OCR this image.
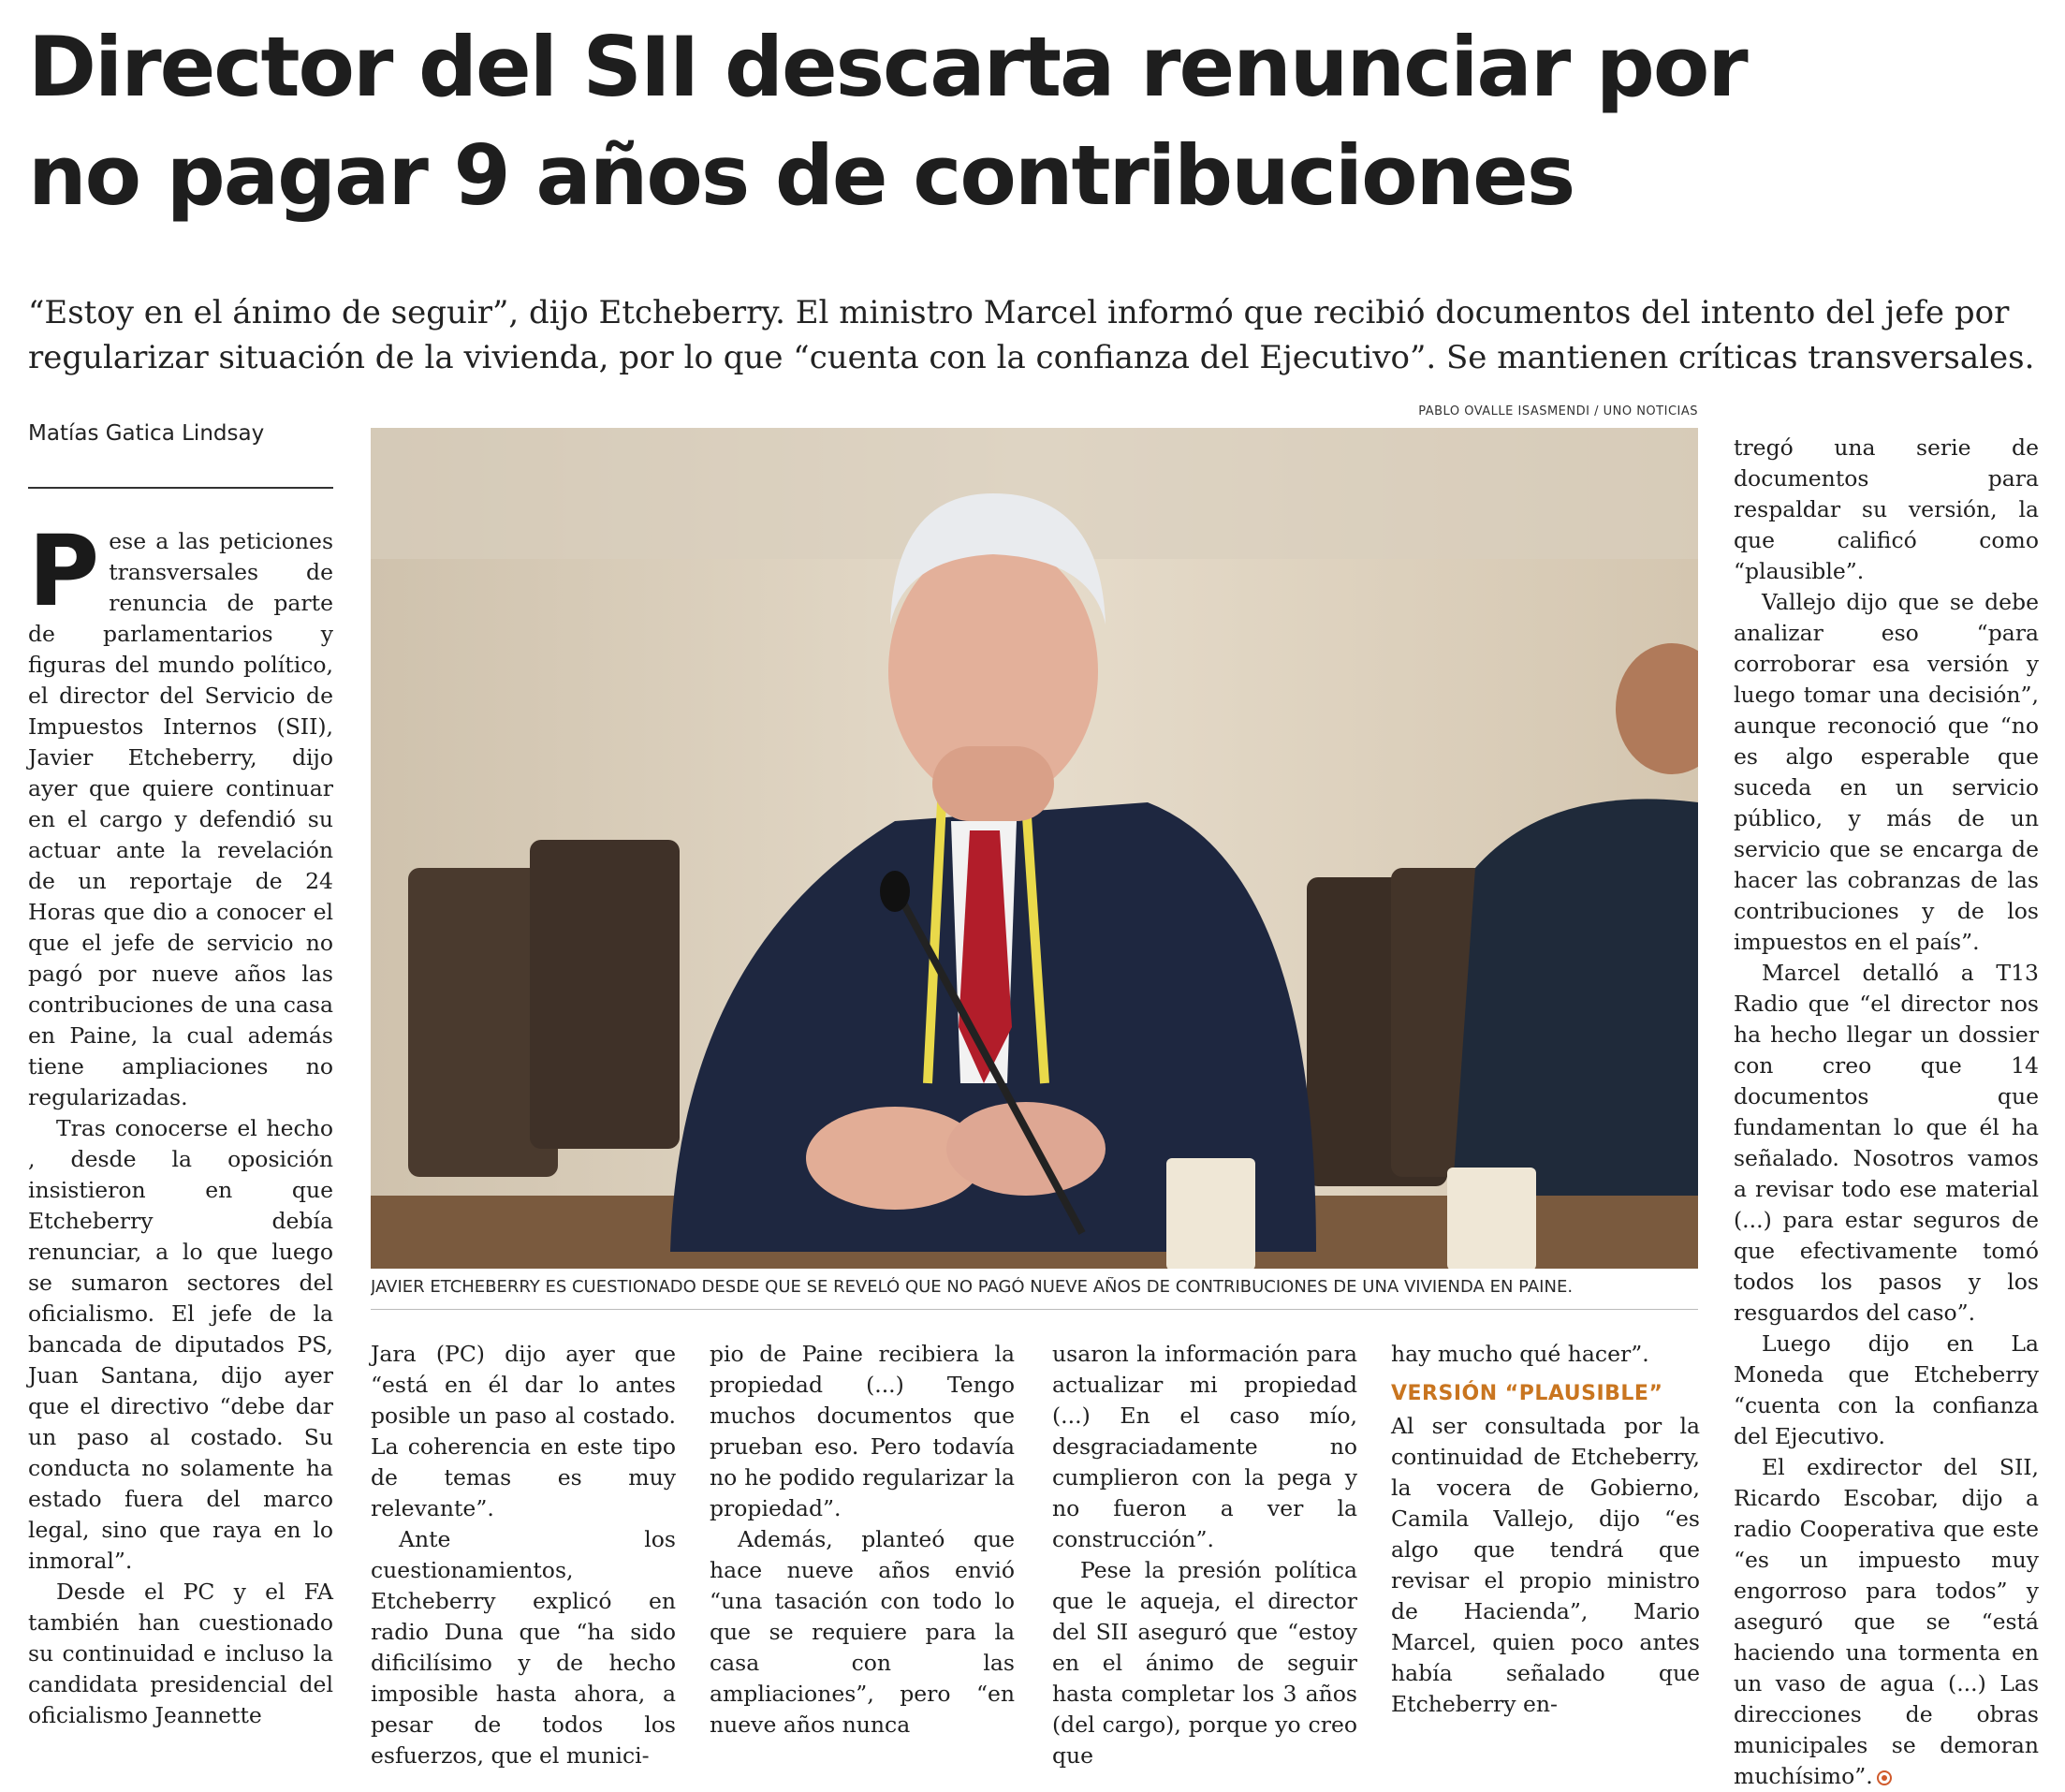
Director del SII descarta renunciar por
no pagar 9 años de contribuciones

“Estoy en el ánimo de seguir”, dijo Etcheberry. El ministro Marcel informó que recibió documentos del intento del jefe por
regularizar situación de la vivienda, por lo que “cuenta con la confianza del Ejecutivo”. Se mantienen críticas transversales.

Matías Gatica Lindsay
PABLO OVALLE ISASMENDI / UNO NOTICIAS
JAVIER ETCHEBERRY ES CUESTIONADO DESDE QUE SE REVELÓ QUE NO PAGÓ NUEVE AÑOS DE CONTRIBUCIONES DE UNA VIVIENDA EN PAINE.

Pese a las peticiones transversales de renuncia de parte de parlamentarios y figuras del mundo político, el director del Servicio de Impuestos Internos (SII), Javier Etcheberry, dijo ayer que quiere continuar en el cargo y defendió su actuar ante la revelación de un reportaje de 24 Horas que dio a conocer el que el jefe de servicio no pagó por nueve años las contribuciones de una casa en Paine, la cual además tiene ampliaciones no regularizadas.

Tras conocerse el hecho , desde la oposición insistieron en que Etcheberry debía renunciar, a lo que luego se sumaron sectores del oficialismo. El jefe de la bancada de diputados PS, Juan Santana, dijo ayer que el directivo “debe dar un paso al costado. Su conducta no solamente ha estado fuera del marco legal, sino que raya en lo inmoral”.

Desde el PC y el FA también han cuestionado su continuidad e incluso la candidata presidencial del oficialismo Jeannette

Jara (PC) dijo ayer que “está en él dar lo antes posible un paso al costado. La coherencia en este tipo de temas es muy relevante”.

Ante los cuestionamientos, Etcheberry explicó en radio Duna que “ha sido dificilísimo y de hecho imposible hasta ahora, a pesar de todos los esfuerzos, que el munici-

pio de Paine recibiera la propiedad (...) Tengo muchos documentos que prueban eso. Pero todavía no he podido regularizar la propiedad”.

Además, planteó que hace nueve años envió “una tasación con todo lo que se requiere para la casa con las ampliaciones”, pero “en nueve años nunca

usaron la información para actualizar mi propiedad (...) En el caso mío, desgraciadamente no cumplieron con la pega y no fueron a ver la construcción”.

Pese la presión política que le aqueja, el director del SII aseguró que “estoy en el ánimo de seguir hasta completar los 3 años (del cargo), porque yo creo que

hay mucho qué hacer”.

VERSIÓN “PLAUSIBLE”

Al ser consultada por la continuidad de Etcheberry, la vocera de Gobierno, Camila Vallejo, dijo “es algo que tendrá que revisar el propio ministro de Hacienda”, Mario Marcel, quien poco antes había señalado que Etcheberry en-

tregó una serie de documentos para respaldar su versión, la que calificó como “plausible”.

Vallejo dijo que se debe analizar eso “para corroborar esa versión y luego tomar una decisión”, aunque reconoció que “no es algo esperable que suceda en un servicio público, y más de un servicio que se encarga de hacer las cobranzas de las contribuciones y de los impuestos en el país”.

Marcel detalló a T13 Radio que “el director nos ha hecho llegar un dossier con creo que 14 documentos que fundamentan lo que él ha señalado. Nosotros vamos a revisar todo ese material (...) para estar seguros de que efectivamente tomó todos los pasos y los resguardos del caso”.

Luego dijo en La Moneda que Etcheberry “cuenta con la confianza del Ejecutivo.

El exdirector del SII, Ricardo Escobar, dijo a radio Cooperativa que este “es un impuesto muy engorroso para todos” y aseguró que se “está haciendo una tormenta en un vaso de agua (...) Las direcciones de obras municipales se demoran muchísimo”.
